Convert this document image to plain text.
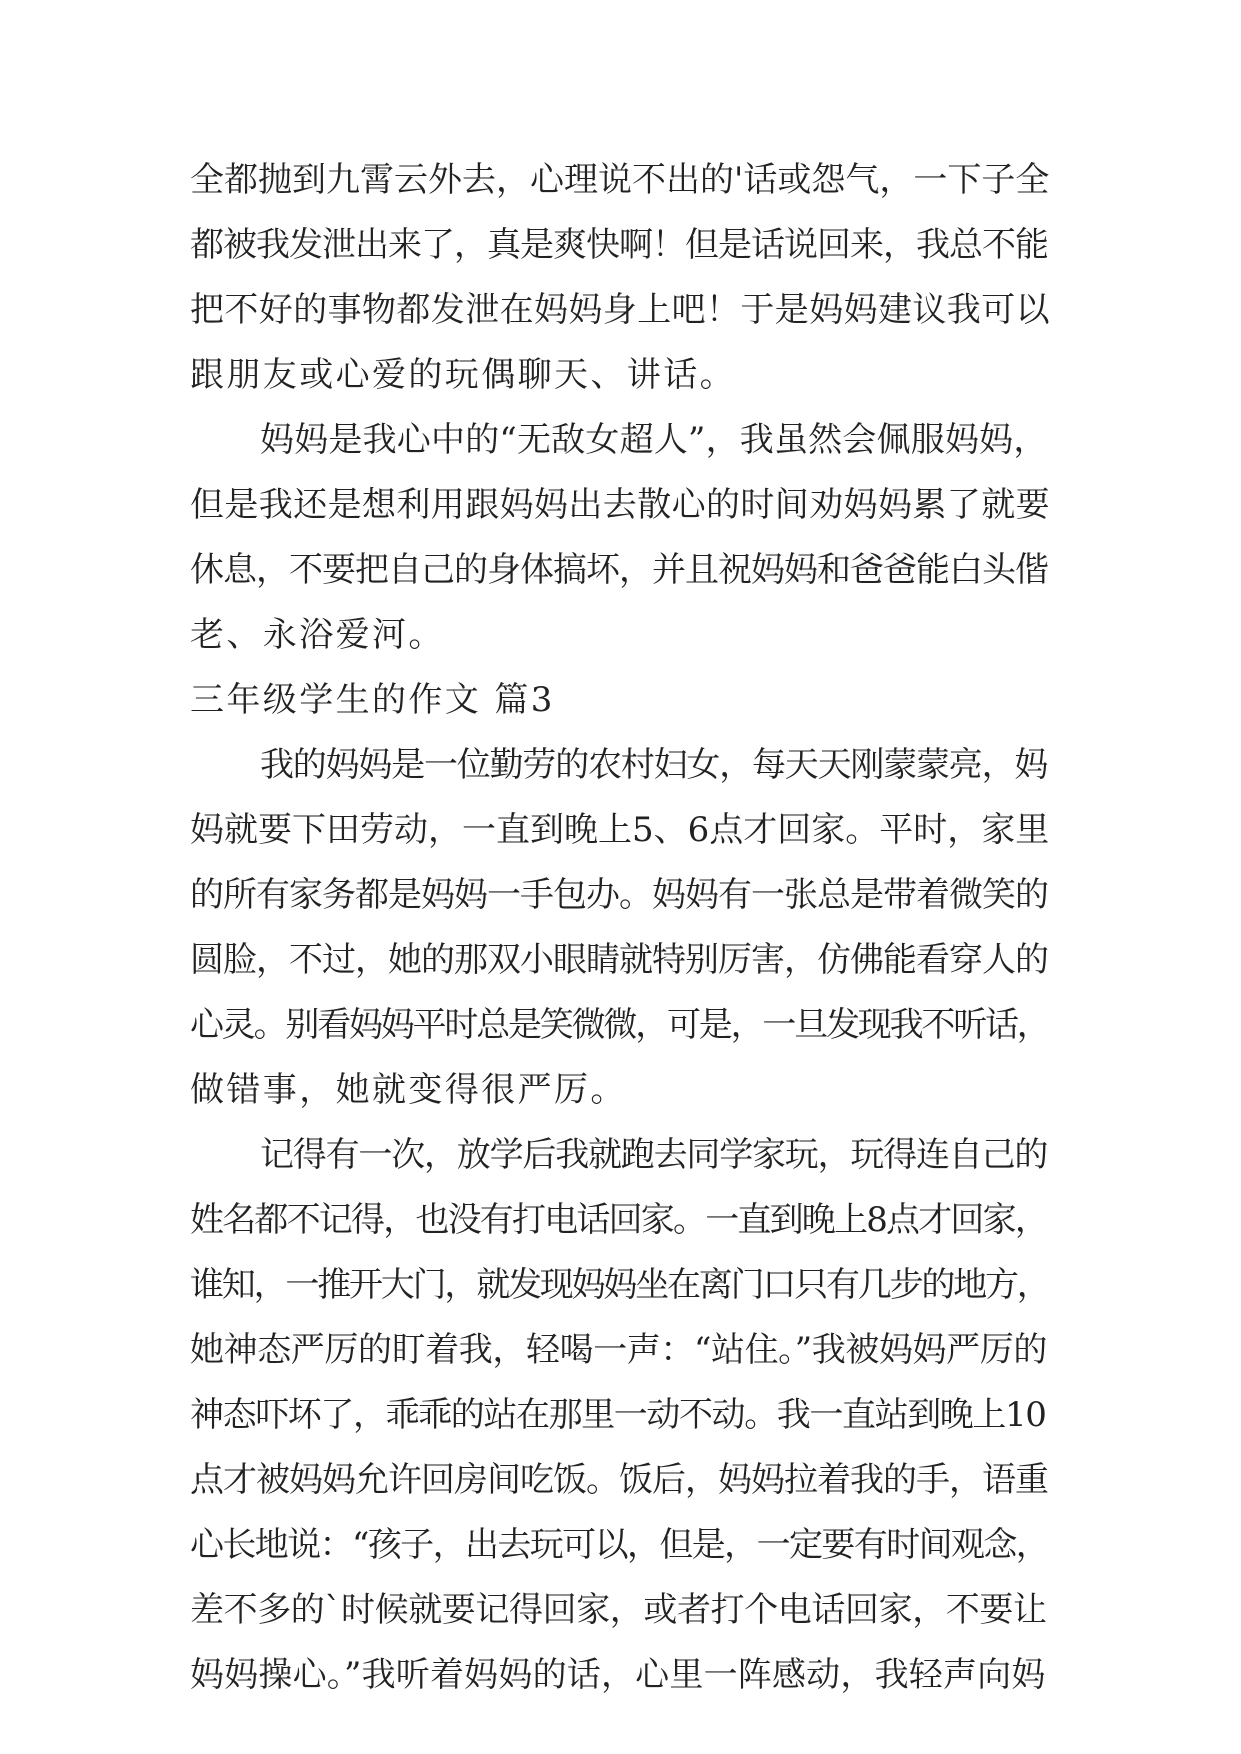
全都抛到九霄云外去，心理说不出的'话或怨气，一下子全
都被我发泄出来了，真是爽快啊！但是话说回来，我总不能
把不好的事物都发泄在妈妈身上吧！于是妈妈建议我可以
跟朋友或心爱的玩偶聊天、讲话。
妈妈是我心中的“无敌女超人”，我虽然会佩服妈妈，
但是我还是想利用跟妈妈出去散心的时间劝妈妈累了就要
休息，不要把自己的身体搞坏，并且祝妈妈和爸爸能白头偕
老、永浴爱河。
三年级学生的作文 篇3
我的妈妈是一位勤劳的农村妇女，每天天刚蒙蒙亮，妈
妈就要下田劳动，一直到晚上5、6点才回家。平时，家里
的所有家务都是妈妈一手包办。妈妈有一张总是带着微笑的
圆脸，不过，她的那双小眼睛就特别厉害，仿佛能看穿人的
心灵。别看妈妈平时总是笑微微，可是，一旦发现我不听话，
做错事，她就变得很严厉。
记得有一次，放学后我就跑去同学家玩，玩得连自己的
姓名都不记得，也没有打电话回家。一直到晚上8点才回家，
谁知，一推开大门，就发现妈妈坐在离门口只有几步的地方，
她神态严厉的盯着我，轻喝一声：“站住。”我被妈妈严厉的
神态吓坏了，乖乖的站在那里一动不动。我一直站到晚上10
点才被妈妈允许回房间吃饭。饭后，妈妈拉着我的手，语重
心长地说：“孩子，出去玩可以，但是，一定要有时间观念，
差不多的`时候就要记得回家，或者打个电话回家，不要让
妈妈操心。”我听着妈妈的话，心里一阵感动，我轻声向妈
